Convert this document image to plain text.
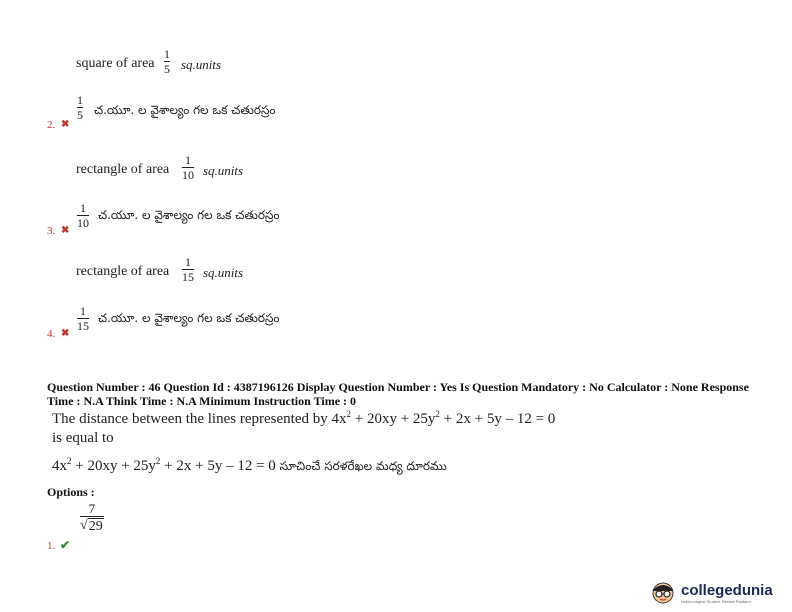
square of area
1
5 sq.units
1
5 చ.యూ. ల వైశాల్యం గల ఒక చతురస్రం
2. ✖
rectangle of area
1
10 sq.units
1
10
చ.యూ. ల వైశాల్యం గల ఒక చతురస్రం
3. ✖
rectangle of area
1
15 sq.units
1
15
చ.యూ. ల వైశాల్యం గల ఒక చతురస్రం
4. ✖
Question Number : 46 Question Id : 4387196126 Display Question Number : Yes Is Question Mandatory : No Calculator : None Response
Time : N.A Think Time : N.A Minimum Instruction Time : 0
The distance between the lines represented by $4x^2 + 20xy + 25y^2 + 2x + 5y - 12 = 0$
is equal to
$4x^2 + 20xy + 25y^2 + 2x + 5y - 12 = 0$ సూచించే సరళరేఖల మధ్య దూరము
Options :
7
√ 29
1. ✔
collegedunia
India's largest Student Review Platform
